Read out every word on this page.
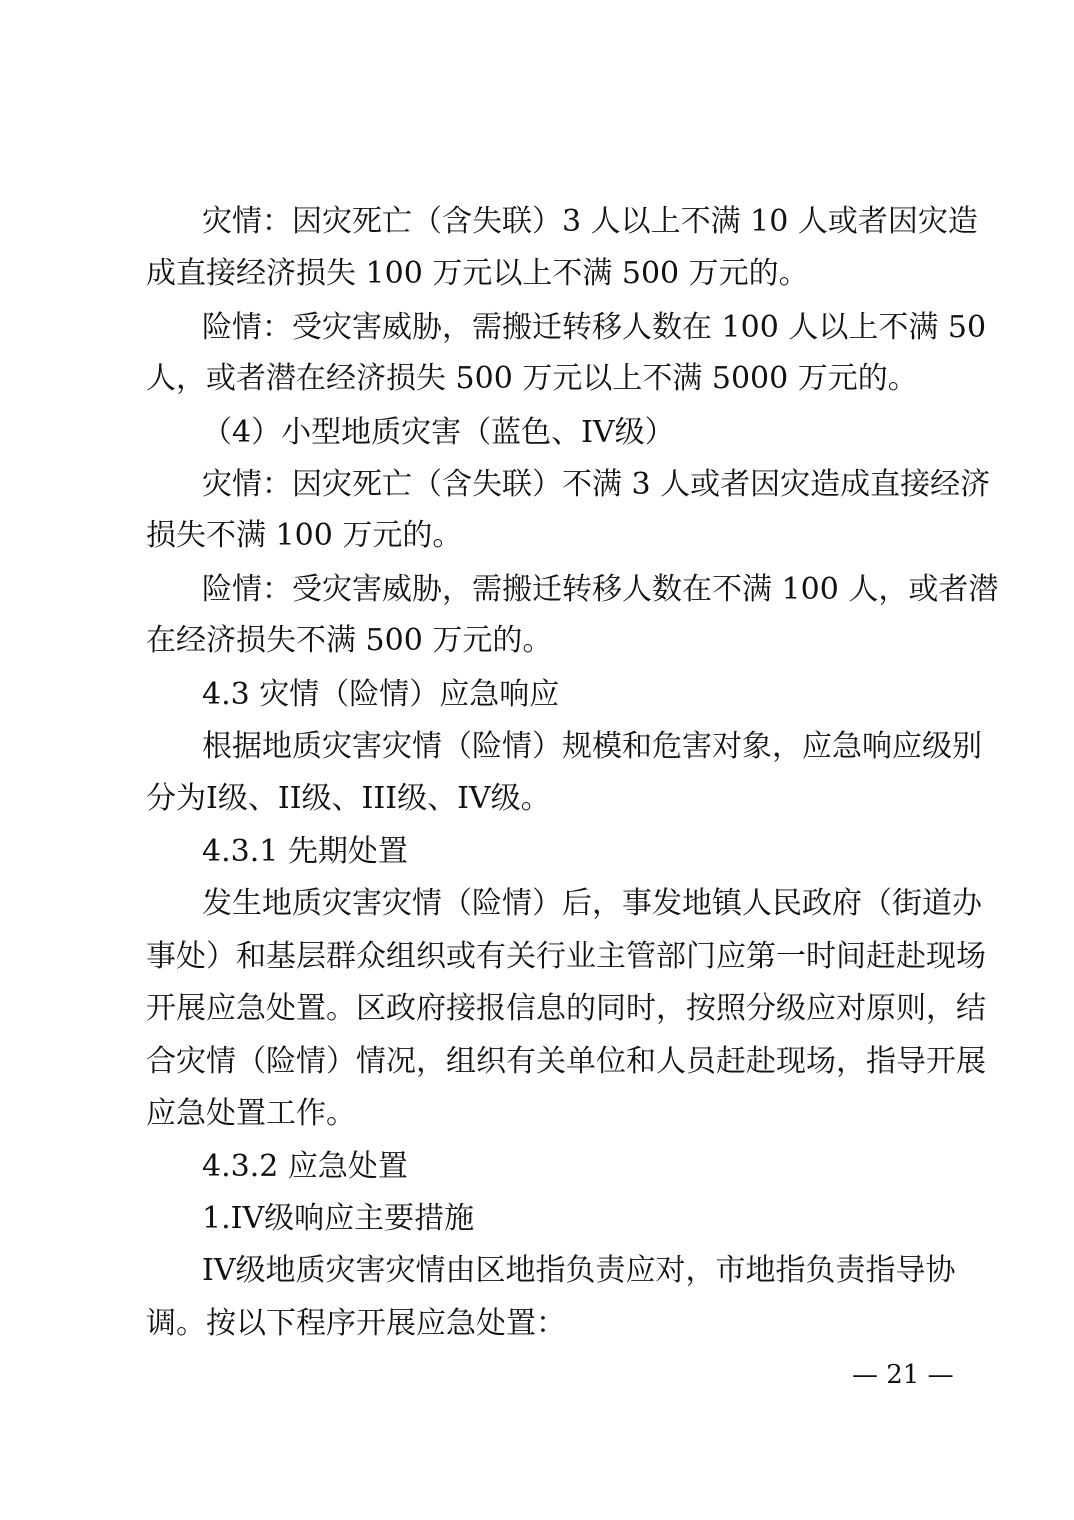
灾情：因灾死亡（含失联）3 人以上不满 10 人或者因灾造
成直接经济损失 100 万元以上不满 500 万元的。
险情：受灾害威胁，需搬迁转移人数在 100 人以上不满 50
人，或者潜在经济损失 500 万元以上不满 5000 万元的。
（4）小型地质灾害（蓝色、IV级）
灾情：因灾死亡（含失联）不满 3 人或者因灾造成直接经济
损失不满 100 万元的。
险情：受灾害威胁，需搬迁转移人数在不满 100 人，或者潜
在经济损失不满 500 万元的。
4.3 灾情（险情）应急响应
根据地质灾害灾情（险情）规模和危害对象，应急响应级别
分为I级、II级、III级、IV级。
4.3.1 先期处置
发生地质灾害灾情（险情）后，事发地镇人民政府（街道办
事处）和基层群众组织或有关行业主管部门应第一时间赶赴现场
开展应急处置。区政府接报信息的同时，按照分级应对原则，结
合灾情（险情）情况，组织有关单位和人员赶赴现场，指导开展
应急处置工作。
4.3.2 应急处置
1.IV级响应主要措施
IV级地质灾害灾情由区地指负责应对，市地指负责指导协
调。按以下程序开展应急处置：
— 21 —
